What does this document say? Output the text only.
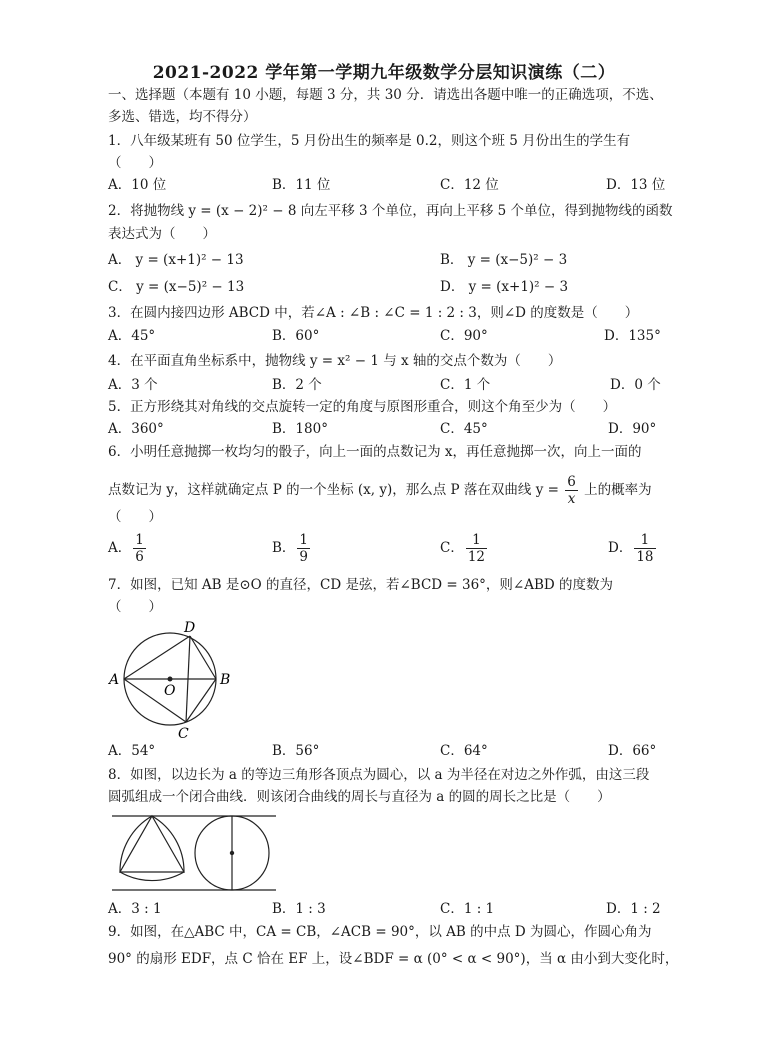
2021-2022 学年第一学期九年级数学分层知识演练（二）
一、选择题（本题有 10 小题，每题 3 分，共 30 分．请选出各题中唯一的正确选项，不选、
多选、错选，均不得分）
1．八年级某班有 50 位学生，5 月份出生的频率是 0.2，则这个班 5 月份出生的学生有
（　　）
A．10 位	B．11 位	C．12 位	D．13 位
2．将抛物线 y = (x − 2)² − 8 向左平移 3 个单位，再向上平移 5 个单位，得到抛物线的函数
表达式为（　　）
A． y = (x+1)² − 13	B． y = (x−5)² − 3
C． y = (x−5)² − 13	D． y = (x+1)² − 3
3．在圆内接四边形 ABCD 中，若∠A : ∠B : ∠C = 1 : 2 : 3，则∠D 的度数是（　　）
A．45°	B．60°	C．90°	D．135°
4．在平面直角坐标系中，抛物线 y = x² − 1 与 x 轴的交点个数为（　　）
A．3 个	B．2 个	C．1 个	D．0 个
5．正方形绕其对角线的交点旋转一定的角度与原图形重合，则这个角至少为（　　）
A．360°	B．180°	C．45°	D．90°
6．小明任意抛掷一枚均匀的骰子，向上一面的点数记为 x，再任意抛掷一次，向上一面的
点数记为 y，这样就确定点 P 的一个坐标 (x, y)，那么点 P 落在双曲线 $y = \frac{6}{x}$ 上的概率为
（　　）
A． $\frac{1}{6}$	B． $\frac{1}{9}$	C． $\frac{1}{12}$	D． $\frac{1}{18}$
7．如图，已知 AB 是⊙O 的直径，CD 是弦，若∠BCD = 36°，则∠ABD 的度数为
（　　）
A	B
C
D
O
A．54°	B．56°	C．64°	D．66°
8．如图，以边长为 a 的等边三角形各顶点为圆心，以 a 为半径在对边之外作弧，由这三段
圆弧组成一个闭合曲线．则该闭合曲线的周长与直径为 a 的圆的周长之比是（　　）
A．3 : 1	B．1 : 3	C．1 : 1	D．1 : 2
9．如图，在△ABC 中，CA = CB，∠ACB = 90°，以 AB 的中点 D 为圆心，作圆心角为
90° 的扇形 EDF，点 C 恰在 EF 上，设∠BDF = α (0° < α < 90°)，当 α 由小到大变化时，
